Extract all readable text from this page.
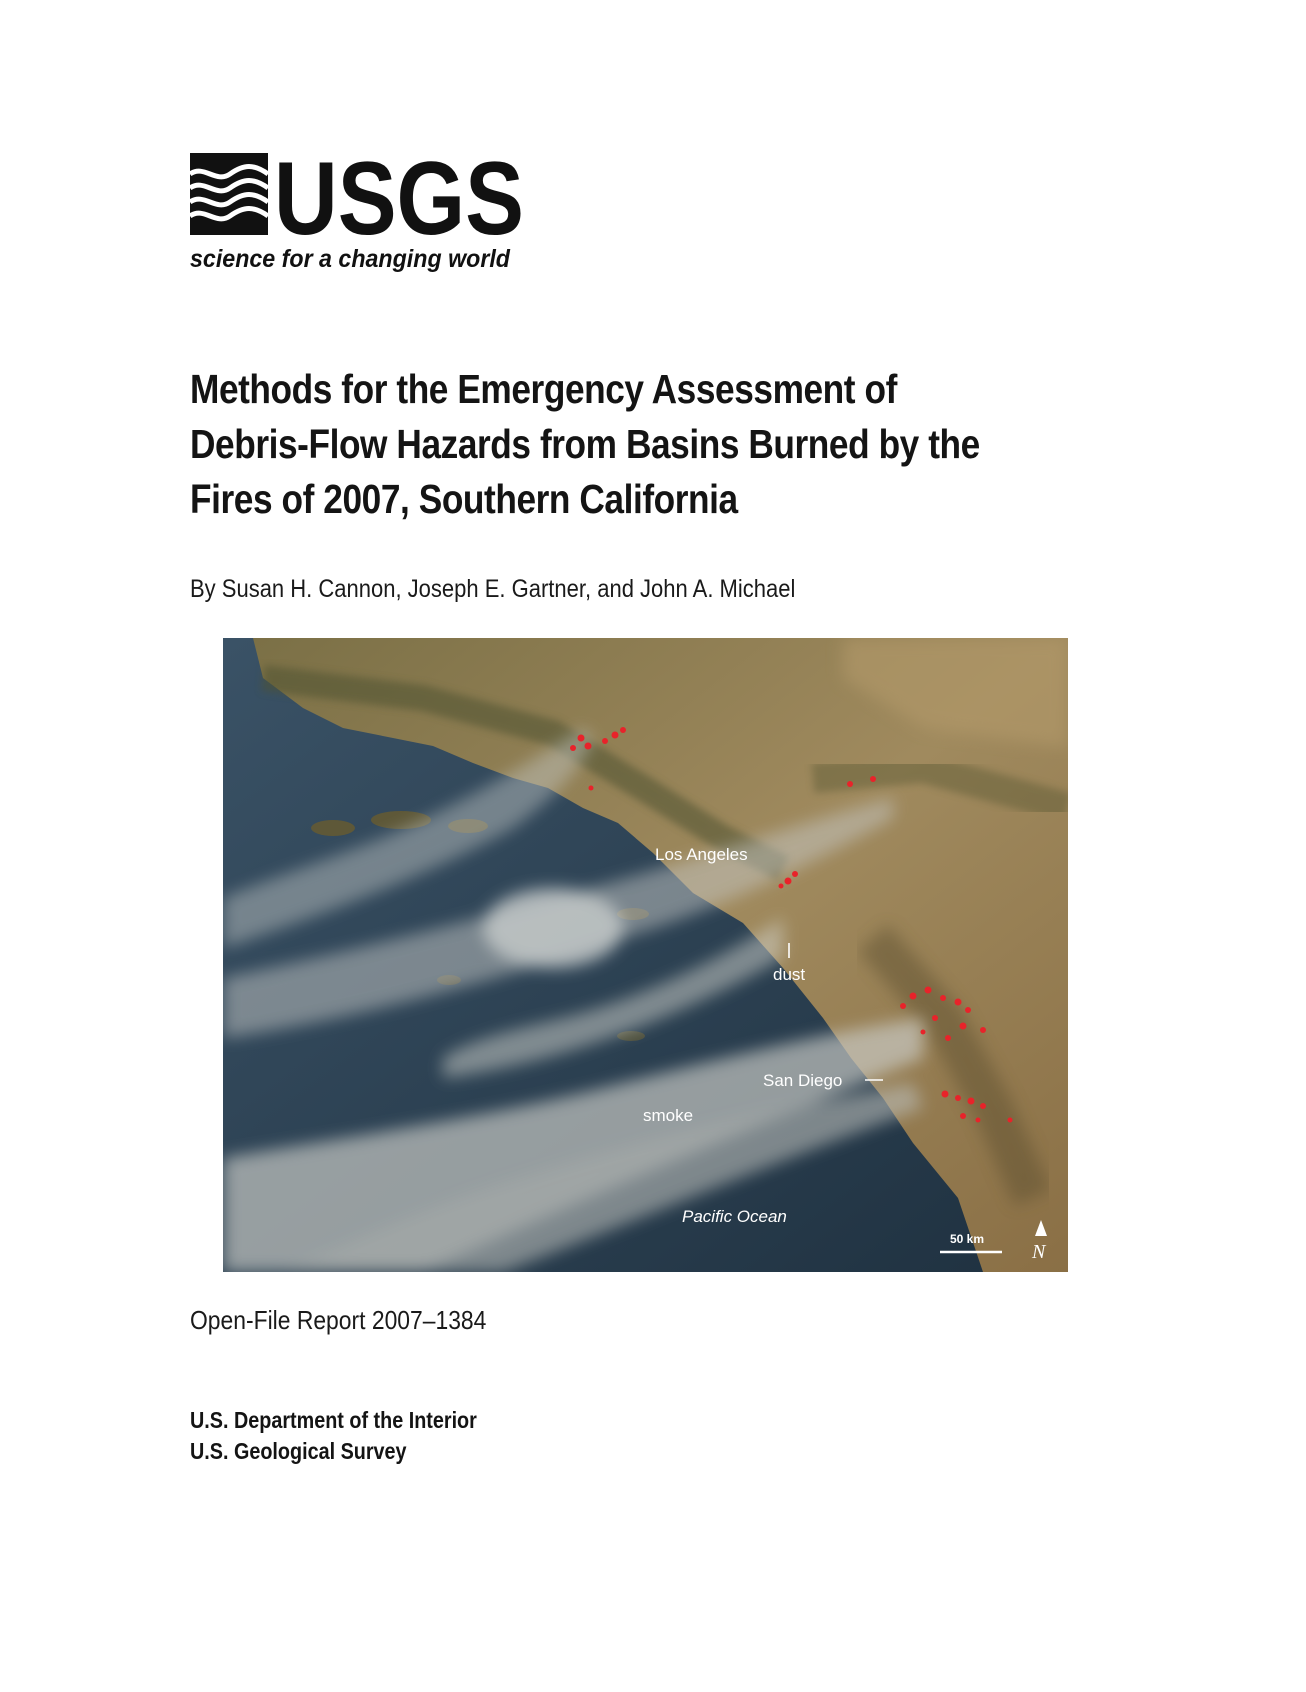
USGS
science for a changing world
Methods for the Emergency Assessment of
Debris-Flow Hazards from Basins Burned by the
Fires of 2007, Southern California
By Susan H. Cannon, Joseph E. Gartner, and John A. Michael
Los Angeles
dust
San Diego
smoke
Pacific Ocean
50 km
N
Open-File Report 2007–1384
U.S. Department of the Interior
U.S. Geological Survey
